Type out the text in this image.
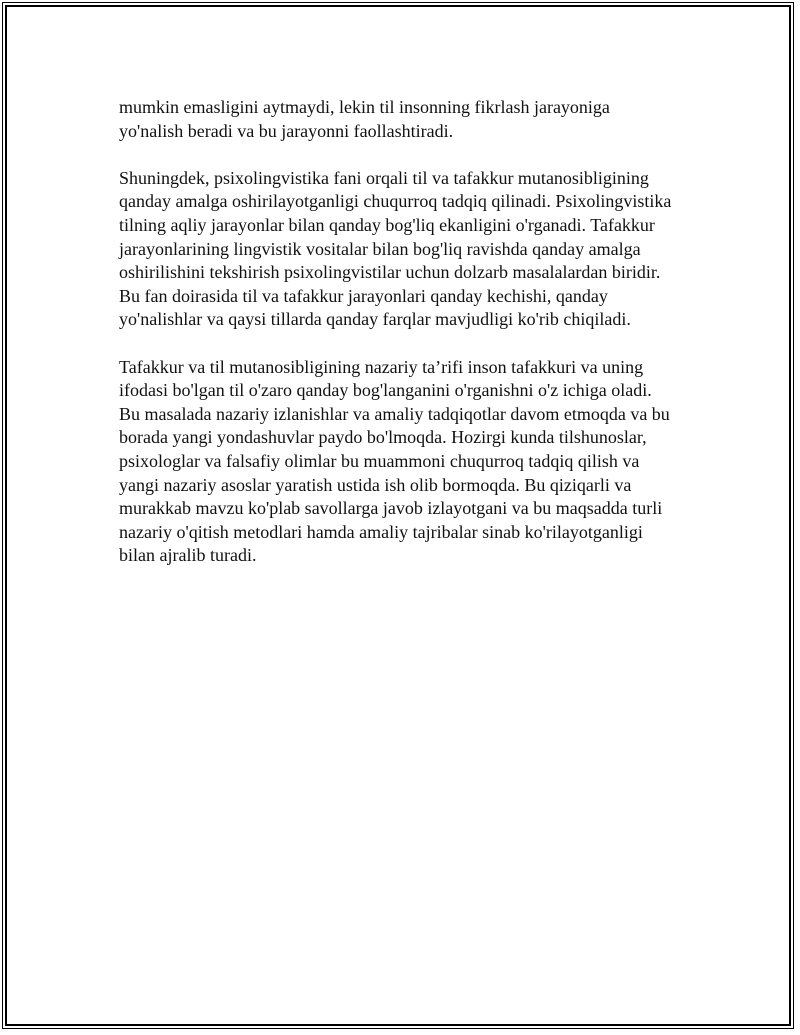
mumkin emasligini aytmaydi, lekin til insonning fikrlash jarayoniga
yo'nalish beradi va bu jarayonni faollashtiradi.

Shuningdek, psixolingvistika fani orqali til va tafakkur mutanosibligining
qanday amalga oshirilayotganligi chuqurroq tadqiq qilinadi. Psixolingvistika
tilning aqliy jarayonlar bilan qanday bog'liq ekanligini o'rganadi. Tafakkur
jarayonlarining lingvistik vositalar bilan bog'liq ravishda qanday amalga
oshirilishini tekshirish psixolingvistilar uchun dolzarb masalalardan biridir.
Bu fan doirasida til va tafakkur jarayonlari qanday kechishi, qanday
yo'nalishlar va qaysi tillarda qanday farqlar mavjudligi ko'rib chiqiladi.

Tafakkur va til mutanosibligining nazariy ta’rifi inson tafakkuri va uning
ifodasi bo'lgan til o'zaro qanday bog'langanini o'rganishni o'z ichiga oladi.
Bu masalada nazariy izlanishlar va amaliy tadqiqotlar davom etmoqda va bu
borada yangi yondashuvlar paydo bo'lmoqda. Hozirgi kunda tilshunoslar,
psixologlar va falsafiy olimlar bu muammoni chuqurroq tadqiq qilish va
yangi nazariy asoslar yaratish ustida ish olib bormoqda. Bu qiziqarli va
murakkab mavzu ko'plab savollarga javob izlayotgani va bu maqsadda turli
nazariy o'qitish metodlari hamda amaliy tajribalar sinab ko'rilayotganligi
bilan ajralib turadi.
